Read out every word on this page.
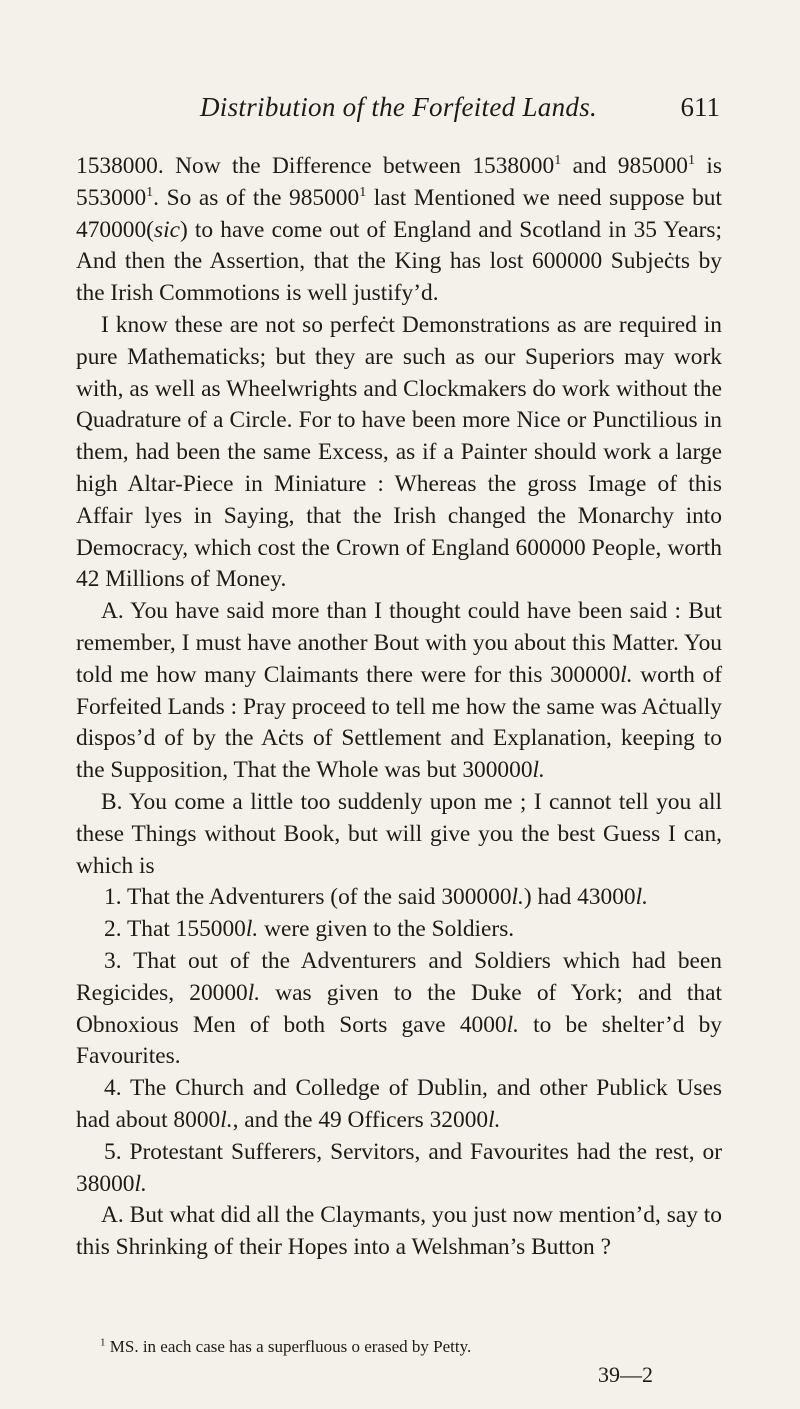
Distribution of the Forfeited Lands.	611

1538000. Now the Difference between 1538000$^1$ and 985000$^1$ is 553000$^1$. So as of the 985000$^1$ last Mentioned we need suppose but 470000(sic) to have come out of England and Scotland in 35 Years; And then the Assertion, that the King has lost 600000 Subjeċts by the Irish Commotions is well justify’d.

I know these are not so perfeċt Demonstrations as are required in pure Mathematicks; but they are such as our Superiors may work with, as well as Wheelwrights and Clockmakers do work without the Quadrature of a Circle. For to have been more Nice or Punctilious in them, had been the same Excess, as if a Painter should work a large high Altar-Piece in Miniature : Whereas the gross Image of this Affair lyes in Saying, that the Irish changed the Monarchy into Democracy, which cost the Crown of England 600000 People, worth 42 Millions of Money.

A. You have said more than I thought could have been said : But remember, I must have another Bout with you about this Matter. You told me how many Claimants there were for this 300000l. worth of Forfeited Lands : Pray proceed to tell me how the same was Aċtually dispos’d of by the Aċts of Settlement and Explanation, keeping to the Supposition, That the Whole was but 300000l.

B. You come a little too suddenly upon me ; I cannot tell you all these Things without Book, but will give you the best Guess I can, which is

1. That the Adventurers (of the said 300000l.) had 43000l.

2. That 155000l. were given to the Soldiers.

3. That out of the Adventurers and Soldiers which had been Regicides, 20000l. was given to the Duke of York; and that Obnoxious Men of both Sorts gave 4000l. to be shelter’d by Favourites.

4. The Church and Colledge of Dublin, and other Publick Uses had about 8000l., and the 49 Officers 32000l.

5. Protestant Sufferers, Servitors, and Favourites had the rest, or 38000l.

A. But what did all the Claymants, you just now mention’d, say to this Shrinking of their Hopes into a Welshman’s Button ?

$^1$ MS. in each case has a superfluous o erased by Petty.
39—2
